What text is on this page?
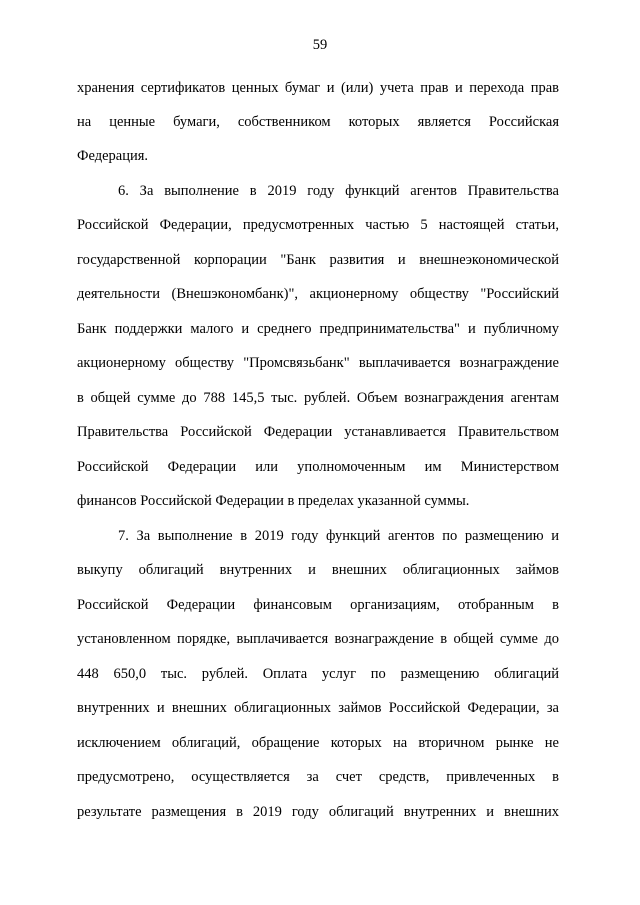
59
хранения сертификатов ценных бумаг и (или) учета прав и перехода прав
на ценные бумаги, собственником которых является Российская
Федерация.
6. За выполнение в 2019 году функций агентов Правительства
Российской Федерации, предусмотренных частью 5 настоящей статьи,
государственной корпорации "Банк развития и внешнеэкономической
деятельности (Внешэкономбанк)", акционерному обществу "Российский
Банк поддержки малого и среднего предпринимательства" и публичному
акционерному обществу "Промсвязьбанк" выплачивается вознаграждение
в общей сумме до 788 145,5 тыс. рублей. Объем вознаграждения агентам
Правительства Российской Федерации устанавливается Правительством
Российской Федерации или уполномоченным им Министерством
финансов Российской Федерации в пределах указанной суммы.
7. За выполнение в 2019 году функций агентов по размещению и
выкупу облигаций внутренних и внешних облигационных займов
Российской Федерации финансовым организациям, отобранным в
установленном порядке, выплачивается вознаграждение в общей сумме до
448 650,0 тыс. рублей. Оплата услуг по размещению облигаций
внутренних и внешних облигационных займов Российской Федерации, за
исключением облигаций, обращение которых на вторичном рынке не
предусмотрено, осуществляется за счет средств, привлеченных в
результате размещения в 2019 году облигаций внутренних и внешних
